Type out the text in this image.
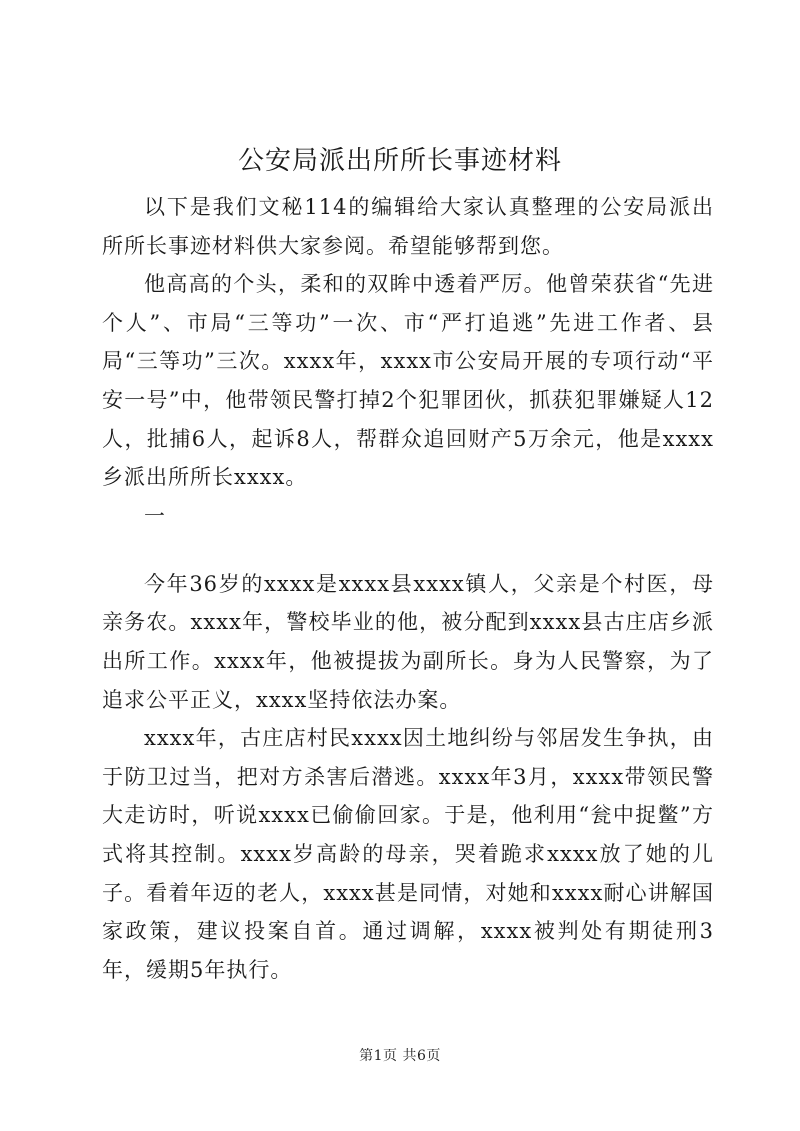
公安局派出所所长事迹材料

以下是我们文秘114的编辑给大家认真整理的公安局派出所所长事迹材料供大家参阅。希望能够帮到您。

他高高的个头，柔和的双眸中透着严厉。他曾荣获省“先进个人”、市局“三等功”一次、市“严打追逃”先进工作者、县局“三等功”三次。xxxx年，xxxx市公安局开展的专项行动“平安一号”中，他带领民警打掉2个犯罪团伙，抓获犯罪嫌疑人12人，批捕6人，起诉8人，帮群众追回财产5万余元，他是xxxx乡派出所所长xxxx。

一

今年36岁的xxxx是xxxx县xxxx镇人，父亲是个村医，母亲务农。xxxx年，警校毕业的他，被分配到xxxx县古庄店乡派出所工作。xxxx年，他被提拔为副所长。身为人民警察，为了追求公平正义，xxxx坚持依法办案。

xxxx年，古庄店村民xxxx因土地纠纷与邻居发生争执，由于防卫过当，把对方杀害后潜逃。xxxx年3月，xxxx带领民警大走访时，听说xxxx已偷偷回家。于是，他利用“瓮中捉鳖”方式将其控制。xxxx岁高龄的母亲，哭着跪求xxxx放了她的儿子。看着年迈的老人，xxxx甚是同情，对她和xxxx耐心讲解国家政策，建议投案自首。通过调解，xxxx被判处有期徒刑3年，缓期5年执行。

第1页 共6页
